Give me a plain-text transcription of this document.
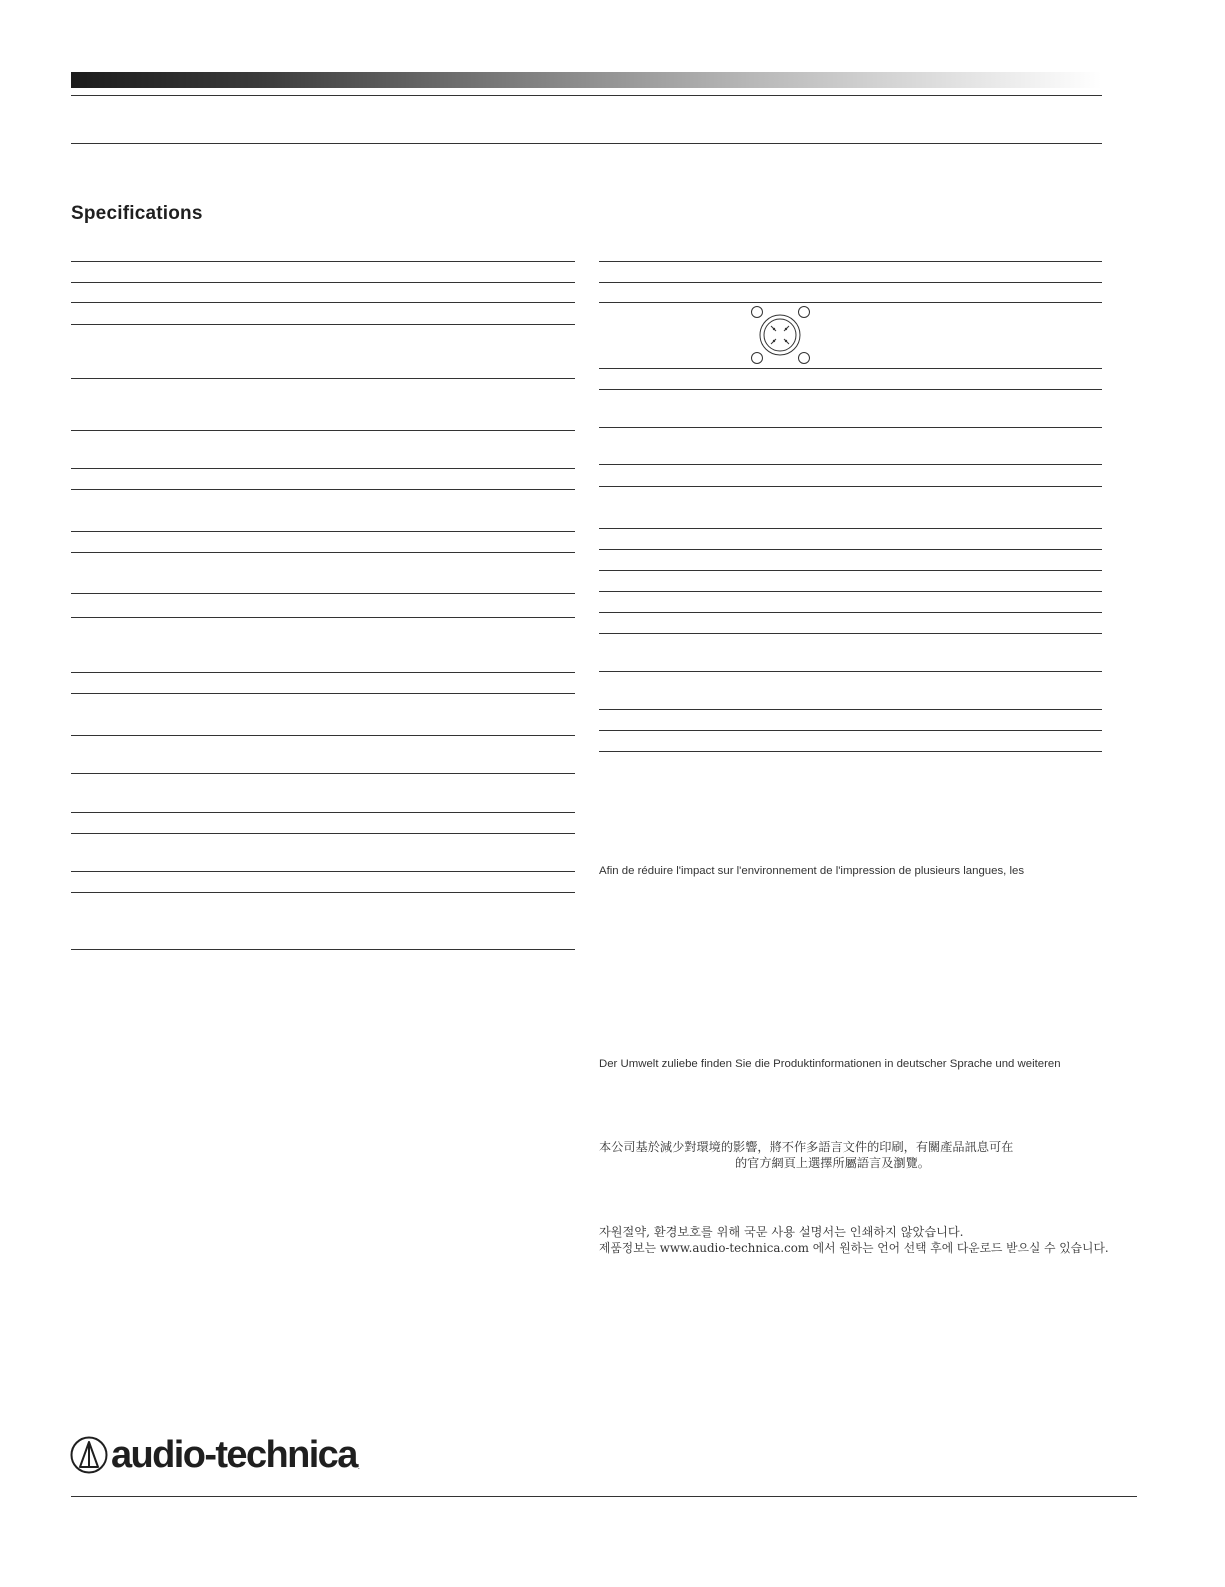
Specifications
Afin de réduire l'impact sur l'environnement de l'impression de plusieurs langues, les
Der Umwelt zuliebe finden Sie die Produktinformationen in deutscher Sprache und weiteren
本公司基於減少對環境的影響，將不作多語言文件的印刷，有關產品訊息可在
的官方網頁上選擇所屬語言及瀏覽。
자원절약, 환경보호를 위해 국문 사용 설명서는 인쇄하지 않았습니다.
제품정보는 www.audio-technica.com 에서 원하는 언어 선택 후에 다운로드 받으실 수 있습니다.
audio-technica .
